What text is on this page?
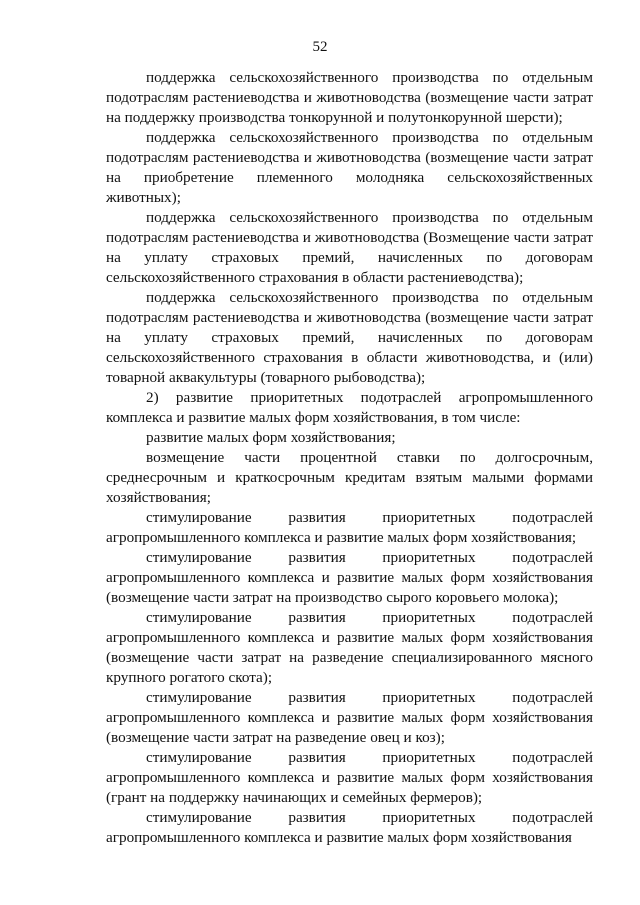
52

поддержка сельскохозяйственного производства по отдельным подотраслям растениеводства и животноводства (возмещение части затрат на поддержку производства тонкорунной и полутонкорунной шерсти);

поддержка сельскохозяйственного производства по отдельным подотраслям растениеводства и животноводства (возмещение части затрат на приобретение племенного молодняка сельскохозяйственных животных);

поддержка сельскохозяйственного производства по отдельным подотраслям растениеводства и животноводства (Возмещение части затрат на уплату страховых премий, начисленных по договорам сельскохозяйственного страхования в области растениеводства);

поддержка сельскохозяйственного производства по отдельным подотраслям растениеводства и животноводства (возмещение части затрат на уплату страховых премий, начисленных по договорам сельскохозяйственного страхования в области животноводства, и (или) товарной аквакультуры (товарного рыбоводства);

2) развитие приоритетных подотраслей агропромышленного комплекса и развитие малых форм хозяйствования, в том числе:

развитие малых форм хозяйствования;

возмещение части процентной ставки по долгосрочным, среднесрочным и краткосрочным кредитам взятым малыми формами хозяйствования;

стимулирование развития приоритетных подотраслей агропромышленного комплекса и развитие малых форм хозяйствования;

стимулирование развития приоритетных подотраслей агропромышленного комплекса и развитие малых форм хозяйствования (возмещение части затрат на производство сырого коровьего молока);

стимулирование развития приоритетных подотраслей агропромышленного комплекса и развитие малых форм хозяйствования (возмещение части затрат на разведение специализированного мясного крупного рогатого скота);

стимулирование развития приоритетных подотраслей агропромышленного комплекса и развитие малых форм хозяйствования (возмещение части затрат на разведение овец и коз);

стимулирование развития приоритетных подотраслей агропромышленного комплекса и развитие малых форм хозяйствования (грант на поддержку начинающих и семейных фермеров);

стимулирование развития приоритетных подотраслей агропромышленного комплекса и развитие малых форм хозяйствования
